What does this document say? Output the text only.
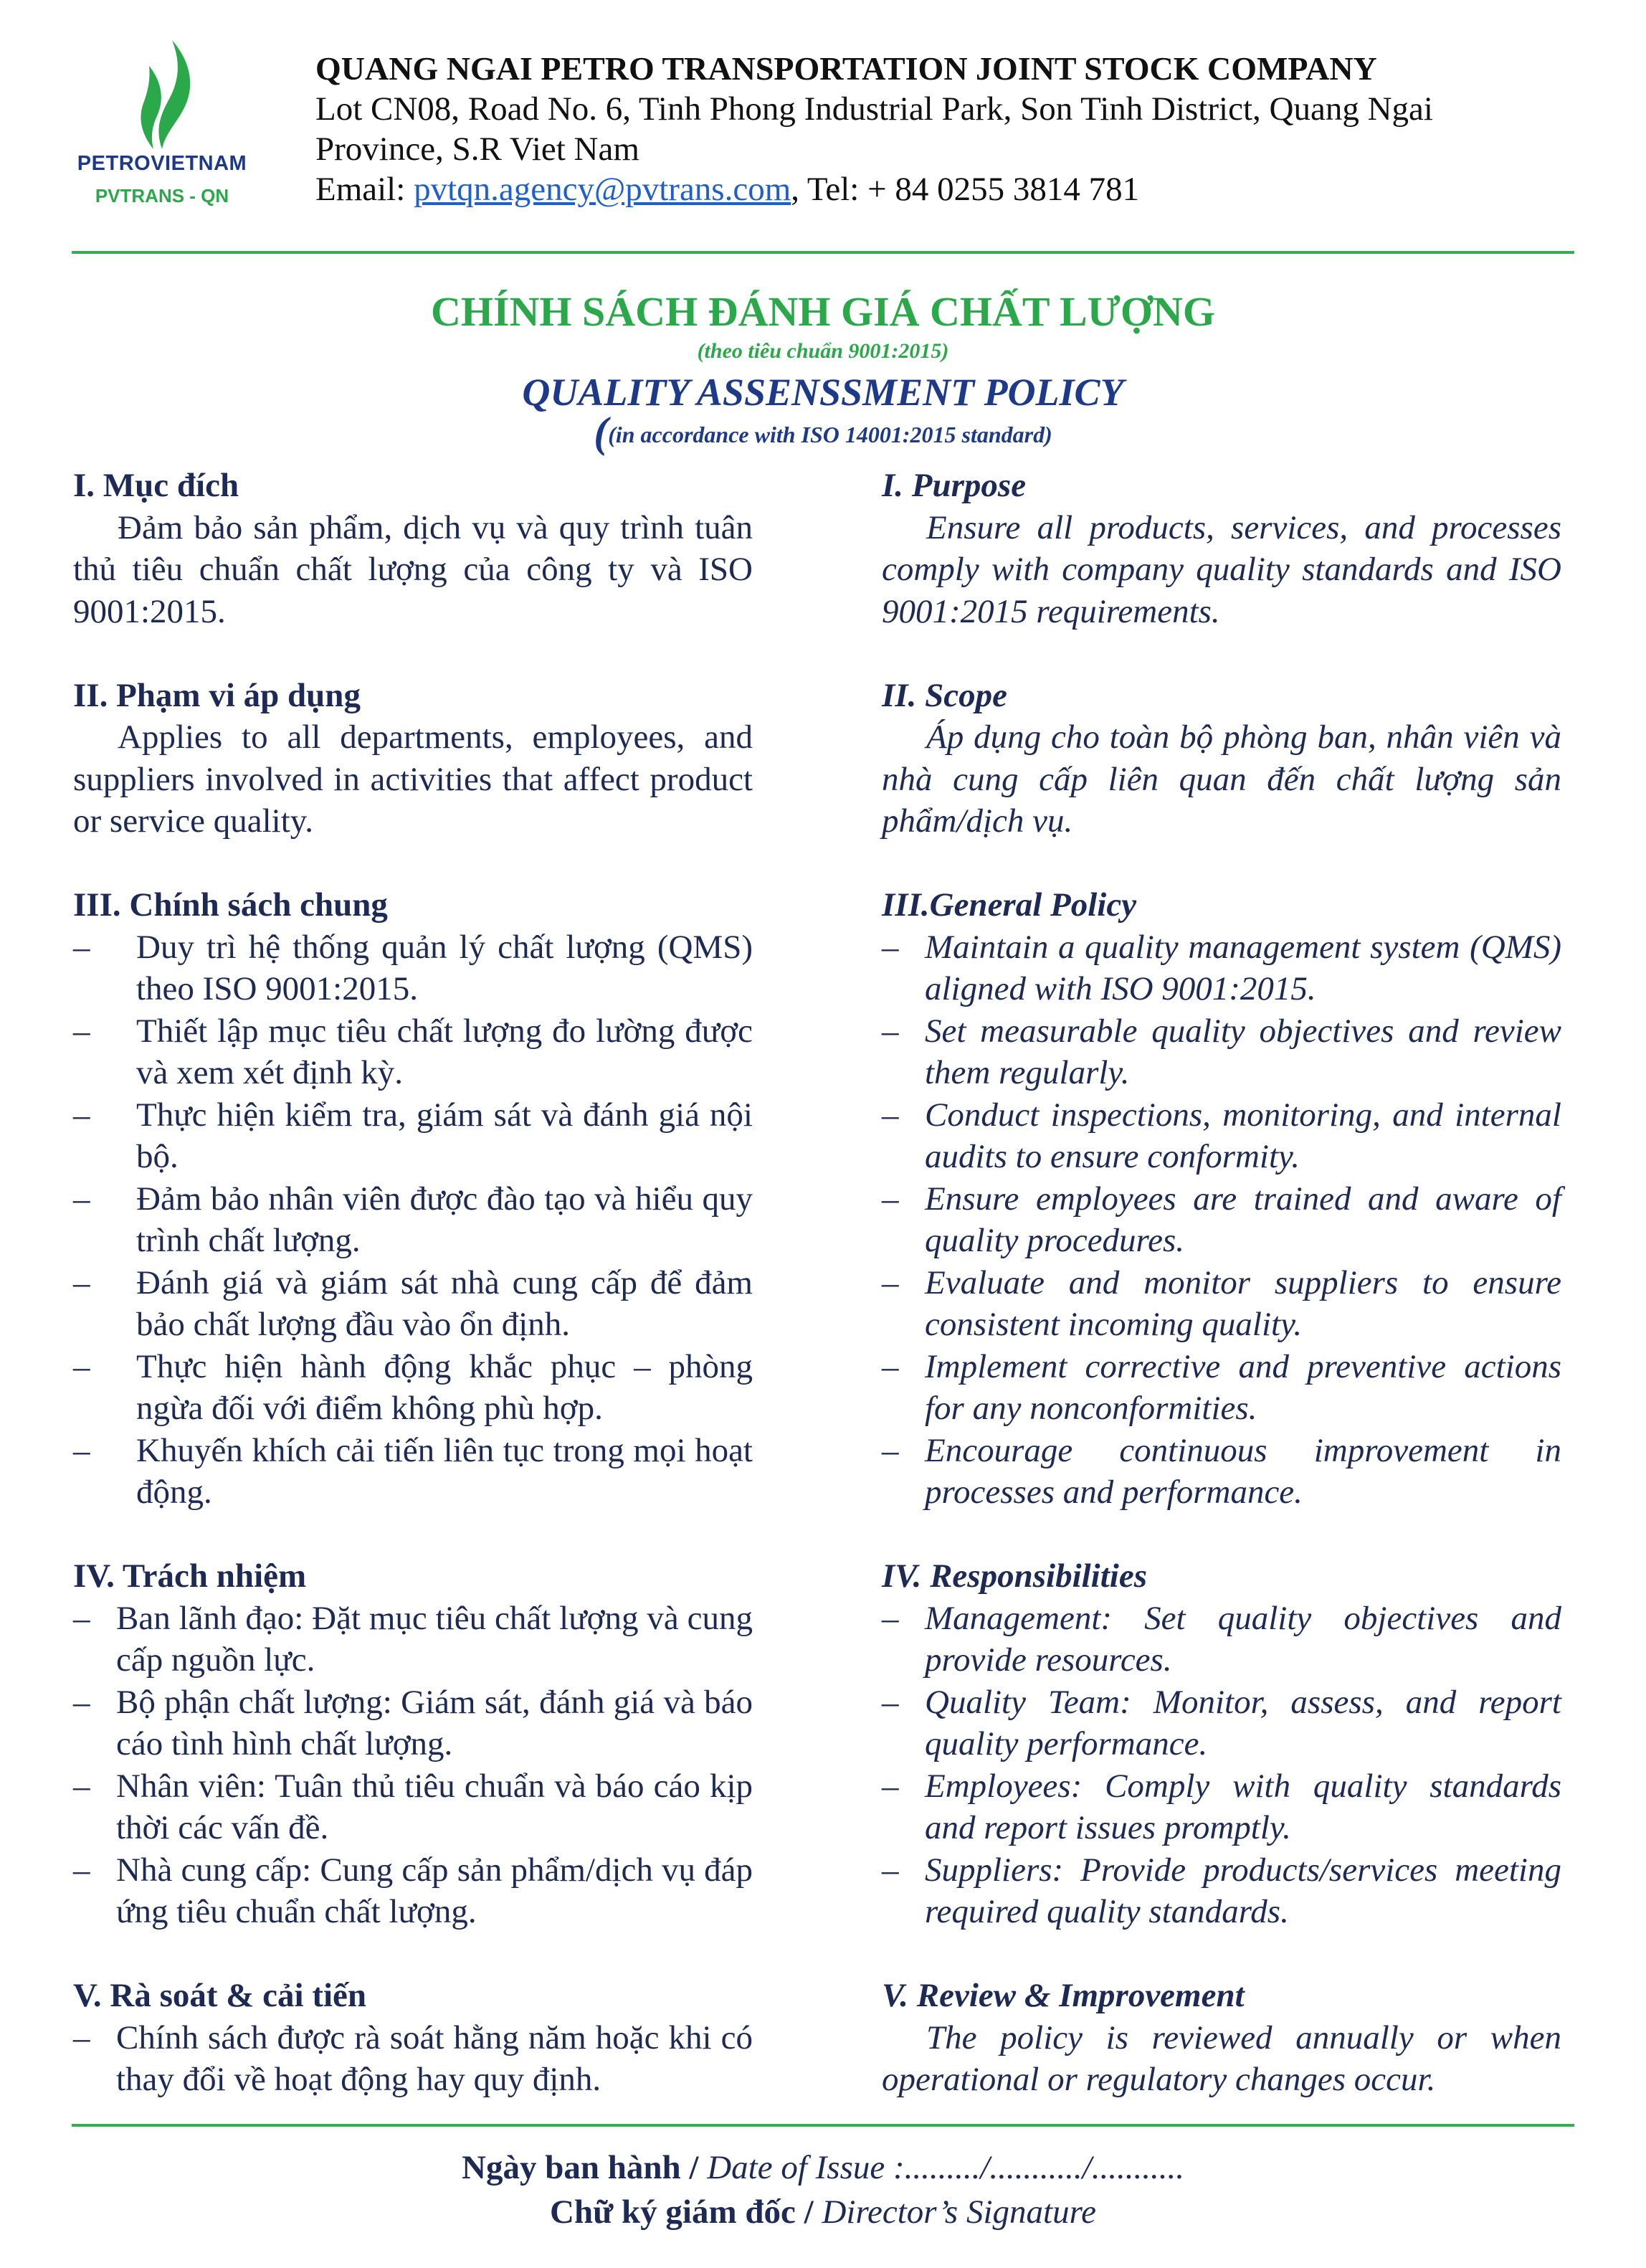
PETROVIETNAM
PVTRANS - QN
QUANG NGAI PETRO TRANSPORTATION JOINT STOCK COMPANY
Lot CN08, Road No. 6, Tinh Phong Industrial Park, Son Tinh District, Quang Ngai
Province, S.R Viet Nam
Email: pvtqn.agency@pvtrans.com, Tel: + 84 0255 3814 781
CHÍNH SÁCH ĐÁNH GIÁ CHẤT LƯỢNG
(theo tiêu chuẩn 9001:2015)
QUALITY ASSENSSMENT POLICY
((in accordance with ISO 14001:2015 standard)
I. Mục đích

Đảm bảo sản phẩm, dịch vụ và quy trình tuân thủ tiêu chuẩn chất lượng của công ty và ISO 9001:2015.

II. Phạm vi áp dụng

Applies to all departments, employees, and suppliers involved in activities that affect product or service quality.

III. Chính sách chung
– Duy trì hệ thống quản lý chất lượng (QMS) theo ISO 9001:2015.
– Thiết lập mục tiêu chất lượng đo lường được và xem xét định kỳ.
– Thực hiện kiểm tra, giám sát và đánh giá nội bộ.
– Đảm bảo nhân viên được đào tạo và hiểu quy trình chất lượng.
– Đánh giá và giám sát nhà cung cấp để đảm bảo chất lượng đầu vào ổn định.
– Thực hiện hành động khắc phục – phòng ngừa đối với điểm không phù hợp.
– Khuyến khích cải tiến liên tục trong mọi hoạt động.
IV. Trách nhiệm
– Ban lãnh đạo: Đặt mục tiêu chất lượng và cung cấp nguồn lực.
– Bộ phận chất lượng: Giám sát, đánh giá và báo cáo tình hình chất lượng.
– Nhân viên: Tuân thủ tiêu chuẩn và báo cáo kịp thời các vấn đề.
– Nhà cung cấp: Cung cấp sản phẩm/dịch vụ đáp ứng tiêu chuẩn chất lượng.
V. Rà soát & cải tiến
– Chính sách được rà soát hằng năm hoặc khi có thay đổi về hoạt động hay quy định.
I. Purpose

Ensure all products, services, and processes comply with company quality standards and ISO 9001:2015 requirements.

II. Scope

Áp dụng cho toàn bộ phòng ban, nhân viên và nhà cung cấp liên quan đến chất lượng sản phẩm/dịch vụ.

III.General Policy
– Maintain a quality management system (QMS) aligned with ISO 9001:2015.
– Set measurable quality objectives and review them regularly.
– Conduct inspections, monitoring, and internal audits to ensure conformity.
– Ensure employees are trained and aware of quality procedures.
– Evaluate and monitor suppliers to ensure consistent incoming quality.
– Implement corrective and preventive actions for any nonconformities.
– Encourage continuous improvement in processes and performance.
IV. Responsibilities
– Management: Set quality objectives and provide resources.
– Quality Team: Monitor, assess, and report quality performance.
– Employees: Comply with quality standards and report issues promptly.
– Suppliers: Provide products/services meeting required quality standards.
V. Review & Improvement

The policy is reviewed annually or when operational or regulatory changes occur.

Ngày ban hành / Date of Issue :........./.........../...........
Chữ ký giám đốc / Director’s Signature
